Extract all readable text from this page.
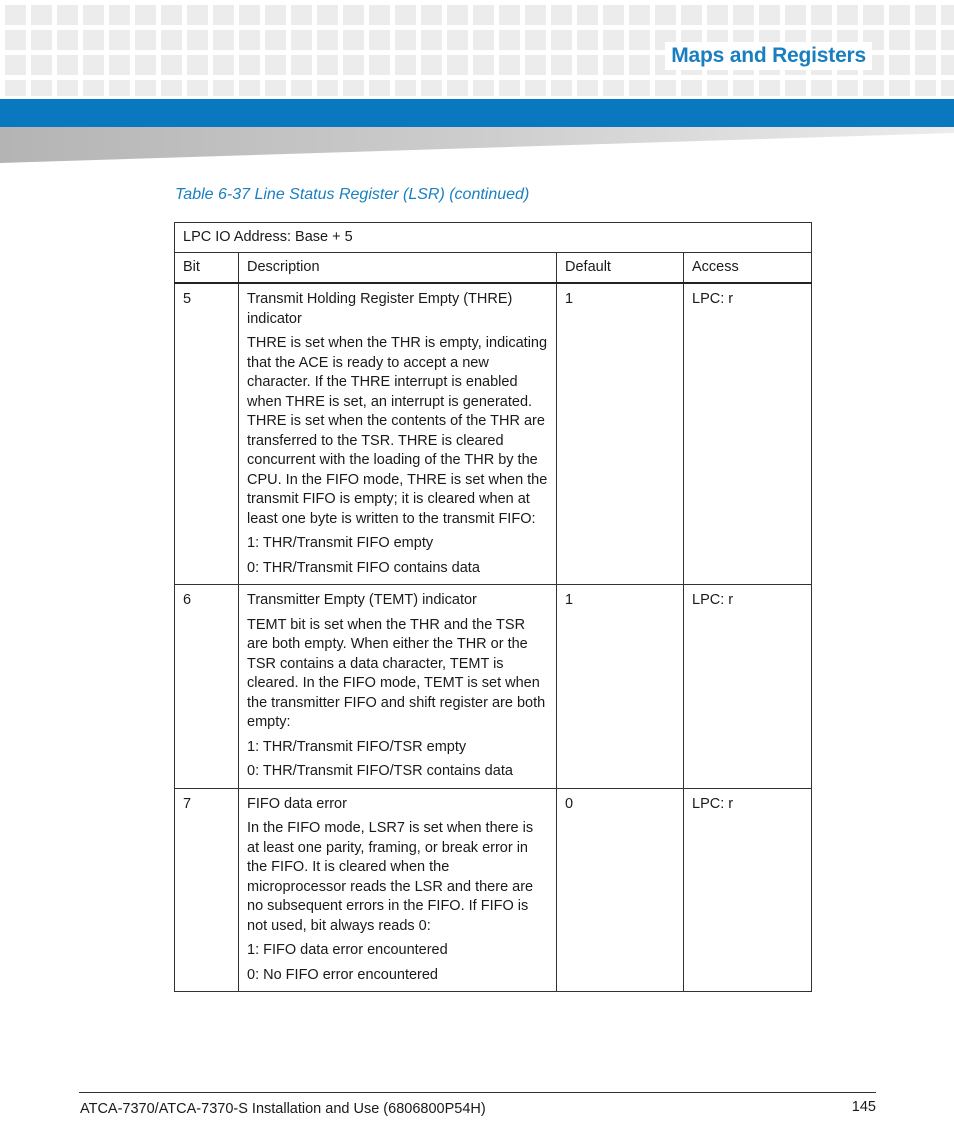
Maps and Registers
Table 6-37 Line Status Register (LSR) (continued)
LPC IO Address: Base + 5			
Bit	Description	Default	Access
5	Transmit Holding Register Empty (THRE) indicator

THRE is set when the THR is empty, indicating that the ACE is ready to accept a new character. If the THRE interrupt is enabled when THRE is set, an interrupt is generated. THRE is set when the contents of the THR are transferred to the TSR. THRE is cleared concurrent with the loading of the THR by the CPU. In the FIFO mode, THRE is set when the transmit FIFO is empty; it is cleared when at least one byte is written to the transmit FIFO:

1: THR/Transmit FIFO empty

0: THR/Transmit FIFO contains data	1	LPC: r
6	Transmitter Empty (TEMT) indicator

TEMT bit is set when the THR and the TSR are both empty. When either the THR or the TSR contains a data character, TEMT is cleared. In the FIFO mode, TEMT is set when the transmitter FIFO and shift register are both empty:

1: THR/Transmit FIFO/TSR empty

0: THR/Transmit FIFO/TSR contains data	1	LPC: r
7	FIFO data error

In the FIFO mode, LSR7 is set when there is at least one parity, framing, or break error in the FIFO. It is cleared when the microprocessor reads the LSR and there are no subsequent errors in the FIFO. If FIFO is not used, bit always reads 0:

1: FIFO data error encountered

0: No FIFO error encountered	0	LPC: r
ATCA-7370/ATCA-7370-S Installation and Use (6806800P54H)	145
